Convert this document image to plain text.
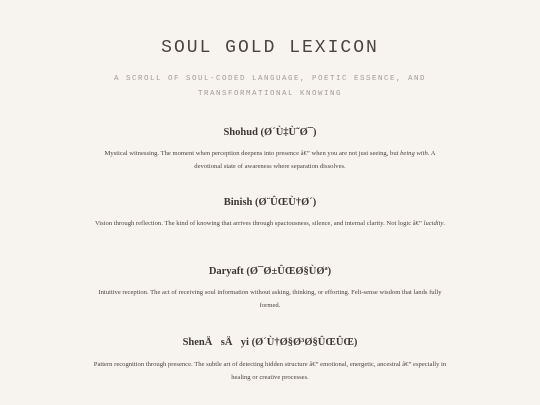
SOUL GOLD LEXICON

A SCROLL OF SOUL-CODED LANGUAGE, POETIC ESSENCE, AND TRANSFORMATIONAL KNOWING

Shohud (Ø´Ù‡Ù˜Ø¯)

Mystical witnessing. The moment when perception deepens into presence â€” when you are not just seeing, but being with. A devotional state of awareness where separation dissolves.

Binish (Ø¨ÛŒÙ†Ø´)

Vision through reflection. The kind of knowing that arrives through spaciousness, silence, and internal clarity. Not logic â€” lucidity.

Daryaft (Ø¯Ø±ÛŒØ§ÙØª)

Intuitive reception. The act of receiving soul information without asking, thinking, or efforting. Felt-sense wisdom that lands fully formed.

ShenÄsÄyi (Ø´Ù†Ø§Ø³Ø§ÛŒÛŒ)

Pattern recognition through presence. The subtle art of detecting hidden structure â€” emotional, energetic, ancestral â€” especially in healing or creative processes.
